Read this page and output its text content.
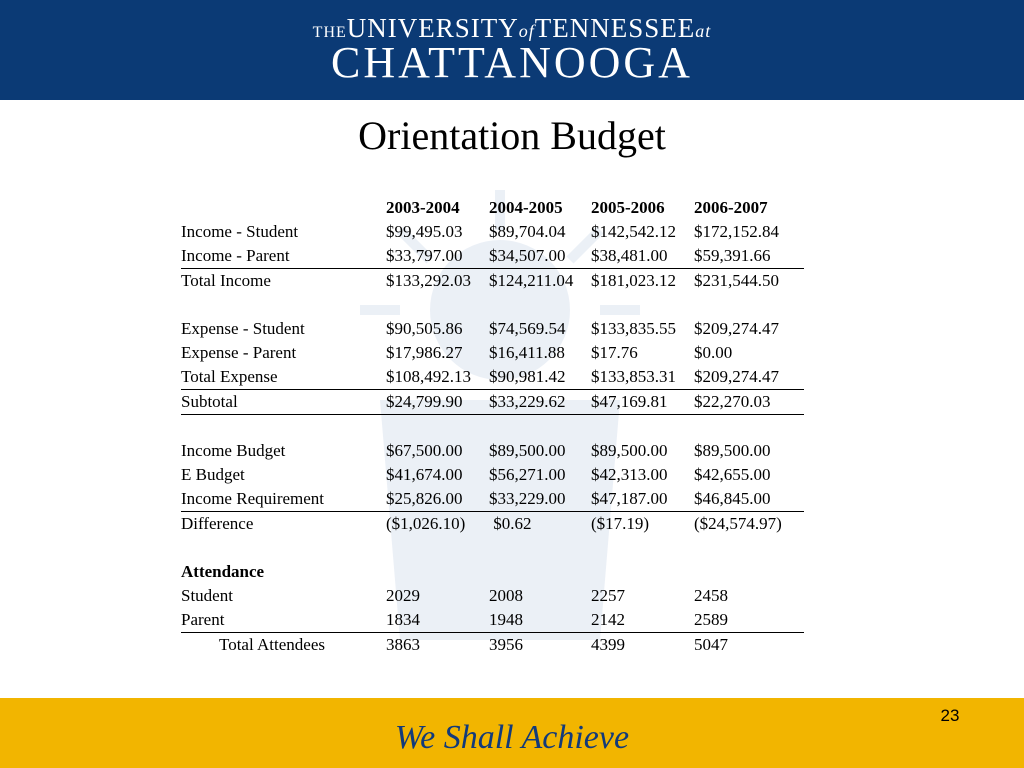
THEUNIVERSITYofTENNESSEEat
CHATTANOOGA
Orientation Budget
	2003-2004	2004-2005	2005-2006	2006-2007
Income - Student	$99,495.03	$89,704.04	$142,542.12	$172,152.84
Income - Parent	$33,797.00	$34,507.00	$38,481.00	$59,391.66
Total Income	$133,292.03	$124,211.04	$181,023.12	$231,544.50

Expense - Student	$90,505.86	$74,569.54	$133,835.55	$209,274.47
Expense - Parent	$17,986.27	$16,411.88	$17.76	$0.00
Total Expense	$108,492.13	$90,981.42	$133,853.31	$209,274.47
Subtotal	$24,799.90	$33,229.62	$47,169.81	$22,270.03

Income Budget	$67,500.00	$89,500.00	$89,500.00	$89,500.00
E Budget	$41,674.00	$56,271.00	$42,313.00	$42,655.00
Income Requirement	$25,826.00	$33,229.00	$47,187.00	$46,845.00
Difference	($1,026.10)	$0.62	($17.19)	($24,574.97)

Attendance				
Student	2029	2008	2257	2458
Parent	1834	1948	2142	2589
Total Attendees	3863	3956	4399	5047
We Shall Achieve
23
